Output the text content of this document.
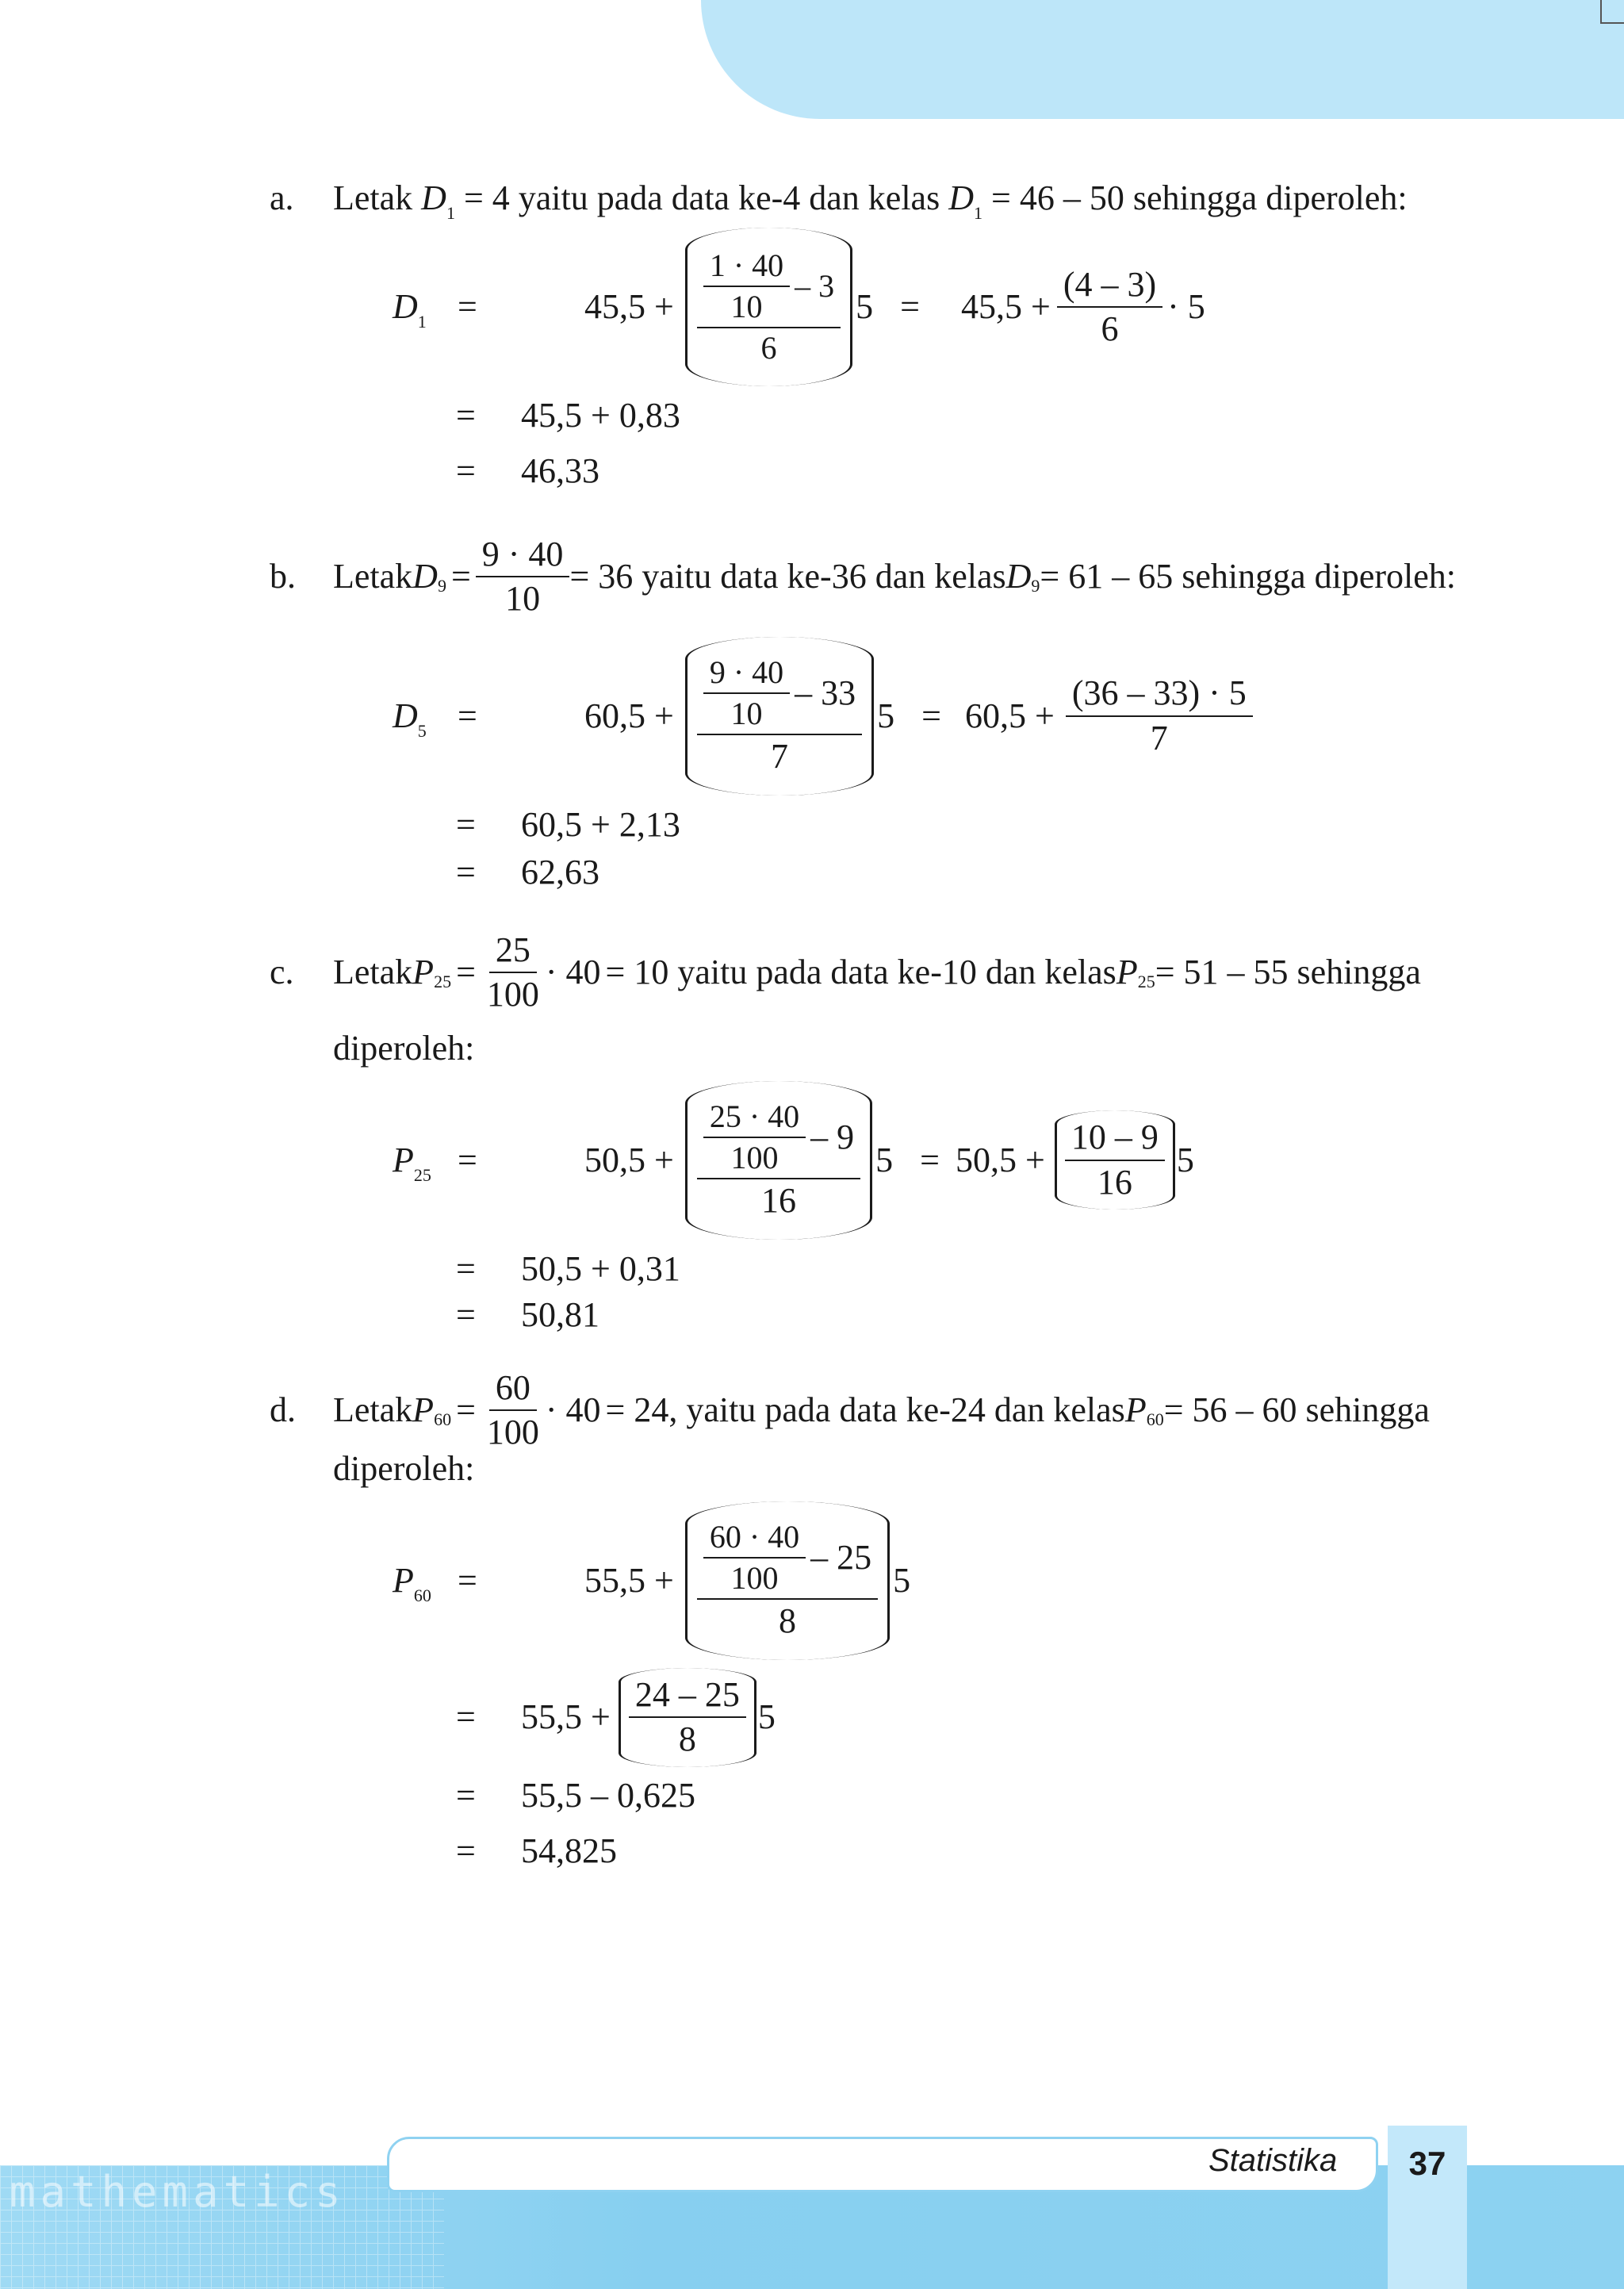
a. Letak $D_1 = 4$ yaitu pada data ke-4 dan kelas $D_1 = 46 - 50$ sehingga diperoleh:
$D_1$ =	$45,5 + \frac{\frac{1 \cdot 40}{10} - 3}{6} 5 = 45,5 + \frac{(4 - 3)}{6} \cdot 5$
= 45,5 + 0,83
= 46,33
b.	Letak D $9 = \frac{9 \cdot 40}{10} = 36$ yaitu data ke-36 dan kelas D 9 = 61 – 65 sehingga diperoleh:
$D_5$ =	$60,5 + \frac{\frac{9 \cdot 40}{10} - 33}{7} 5 = 60,5 + \frac{(36 - 33) \cdot 5}{7}$
= 60,5 + 2,13
= 62,63
c.	Letak P $25 = \frac{25}{100} \cdot 40 = 10$ yaitu pada data ke-10 dan kelas P 25 = 51 – 55 sehingga
diperoleh:
$P_{25}$ =	$50,5 + \frac{\frac{25 \cdot 40}{100} - 9}{16} 5 = 50,5 + \frac{10 - 9}{16} 5$
= 50,5 + 0,31
= 50,81
d.	Letak P $60 = \frac{60}{100} \cdot 40 = 24$, yaitu pada data ke-24 dan kelas P 60 = 56 – 60 sehingga
diperoleh:
$P_{60}$ =	$55,5 + \frac{\frac{60 \cdot 40}{100} - 25}{8} 5$
=	$55,5 + \frac{24 - 25}{8} 5$
= 55,5 – 0,625
= 54,825
mathematics
Statistika	37
